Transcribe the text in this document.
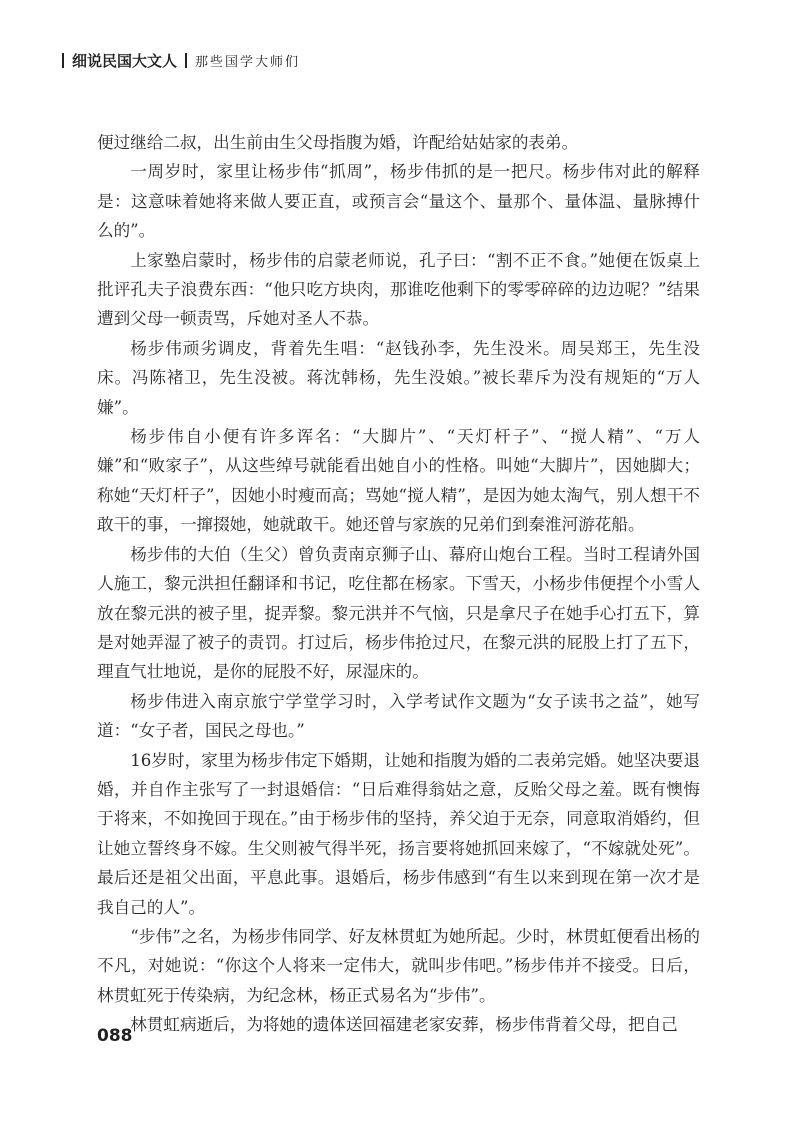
细说民国大文人 那些国学大师们

便过继给二叔，出生前由生父母指腹为婚，许配给姑姑家的表弟。

一周岁时，家里让杨步伟“抓周”，杨步伟抓的是一把尺。杨步伟对此的解释是：这意味着她将来做人要正直，或预言会“量这个、量那个、量体温、量脉搏什么的”。

上家塾启蒙时，杨步伟的启蒙老师说，孔子曰：“割不正不食。”她便在饭桌上批评孔夫子浪费东西：“他只吃方块肉，那谁吃他剩下的零零碎碎的边边呢？”结果遭到父母一顿责骂，斥她对圣人不恭。

杨步伟顽劣调皮，背着先生唱：“赵钱孙李，先生没米。周吴郑王，先生没床。冯陈褚卫，先生没被。蒋沈韩杨，先生没娘。”被长辈斥为没有规矩的“万人嫌”。

杨步伟自小便有许多诨名：“大脚片”、“天灯杆子”、“搅人精”、“万人嫌”和“败家子”，从这些绰号就能看出她自小的性格。叫她“大脚片”，因她脚大；称她“天灯杆子”，因她小时瘦而高；骂她“搅人精”，是因为她太淘气，别人想干不敢干的事，一撺掇她，她就敢干。她还曾与家族的兄弟们到秦淮河游花船。

杨步伟的大伯（生父）曾负责南京狮子山、幕府山炮台工程。当时工程请外国人施工，黎元洪担任翻译和书记，吃住都在杨家。下雪天，小杨步伟便捏个小雪人放在黎元洪的被子里，捉弄黎。黎元洪并不气恼，只是拿尺子在她手心打五下，算是对她弄湿了被子的责罚。打过后，杨步伟抢过尺，在黎元洪的屁股上打了五下，理直气壮地说，是你的屁股不好，尿湿床的。

杨步伟进入南京旅宁学堂学习时，入学考试作文题为“女子读书之益”，她写道：“女子者，国民之母也。”

16岁时，家里为杨步伟定下婚期，让她和指腹为婚的二表弟完婚。她坚决要退婚，并自作主张写了一封退婚信：“日后难得翁姑之意，反贻父母之羞。既有懊悔于将来，不如挽回于现在。”由于杨步伟的坚持，养父迫于无奈，同意取消婚约，但让她立誓终身不嫁。生父则被气得半死，扬言要将她抓回来嫁了，“不嫁就处死”。最后还是祖父出面，平息此事。退婚后，杨步伟感到“有生以来到现在第一次才是我自己的人”。

“步伟”之名，为杨步伟同学、好友林贯虹为她所起。少时，林贯虹便看出杨的不凡，对她说：“你这个人将来一定伟大，就叫步伟吧。”杨步伟并不接受。日后，林贯虹死于传染病，为纪念林，杨正式易名为“步伟”。

林贯虹病逝后，为将她的遗体送回福建老家安葬，杨步伟背着父母，把自己

088
